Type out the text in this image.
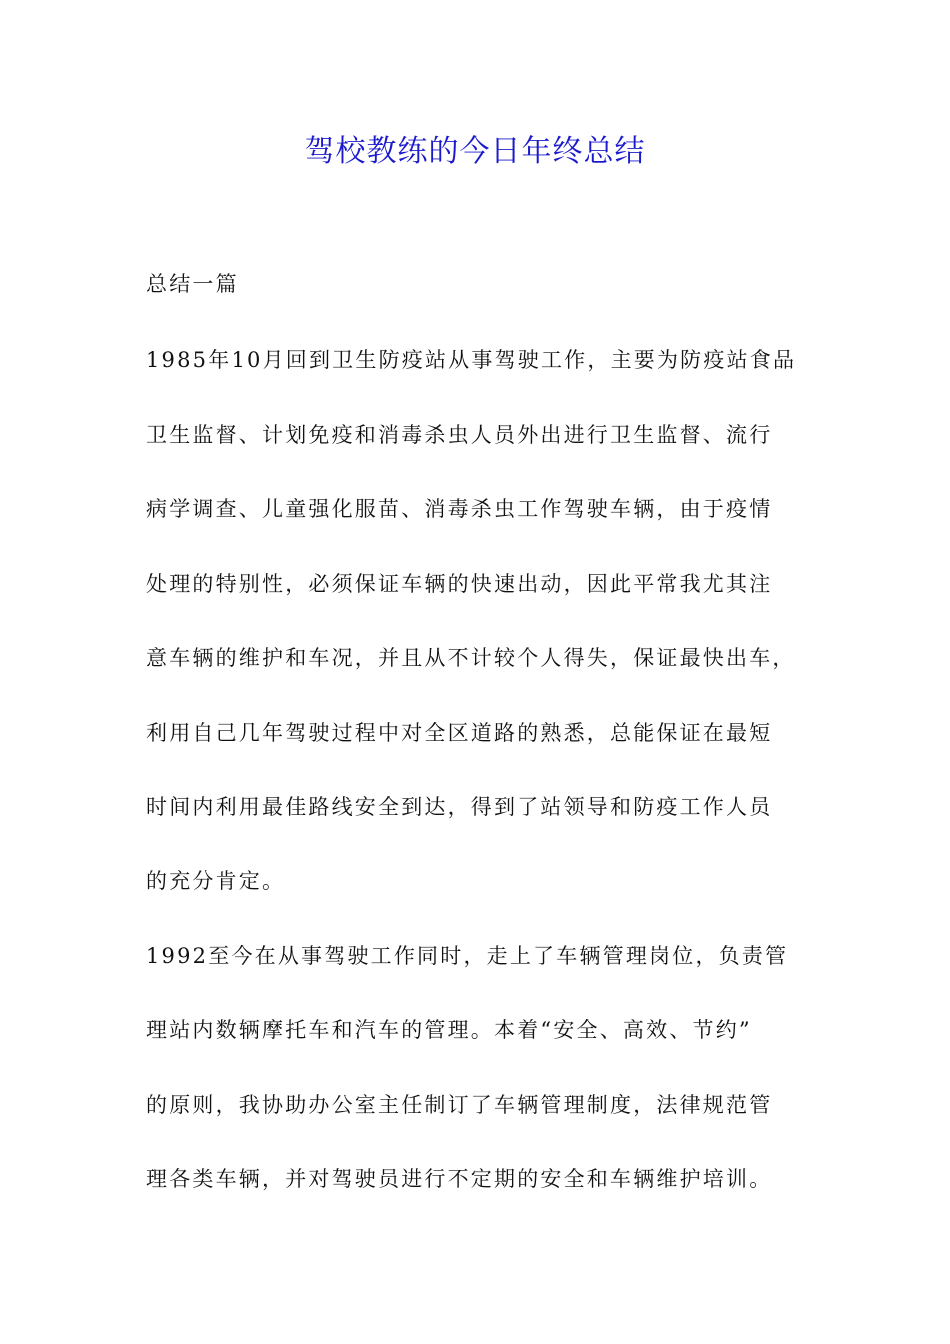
驾校教练的今日年终总结
总结一篇
1985年10月回到卫生防疫站从事驾驶工作，主要为防疫站食品
卫生监督、计划免疫和消毒杀虫人员外出进行卫生监督、流行
病学调查、儿童强化服苗、消毒杀虫工作驾驶车辆，由于疫情
处理的特别性，必须保证车辆的快速出动，因此平常我尤其注
意车辆的维护和车况，并且从不计较个人得失，保证最快出车，
利用自己几年驾驶过程中对全区道路的熟悉，总能保证在最短
时间内利用最佳路线安全到达，得到了站领导和防疫工作人员
的充分肯定。
1992至今在从事驾驶工作同时，走上了车辆管理岗位，负责管
理站内数辆摩托车和汽车的管理。本着“安全、高效、节约”
的原则，我协助办公室主任制订了车辆管理制度，法律规范管
理各类车辆，并对驾驶员进行不定期的安全和车辆维护培训。
